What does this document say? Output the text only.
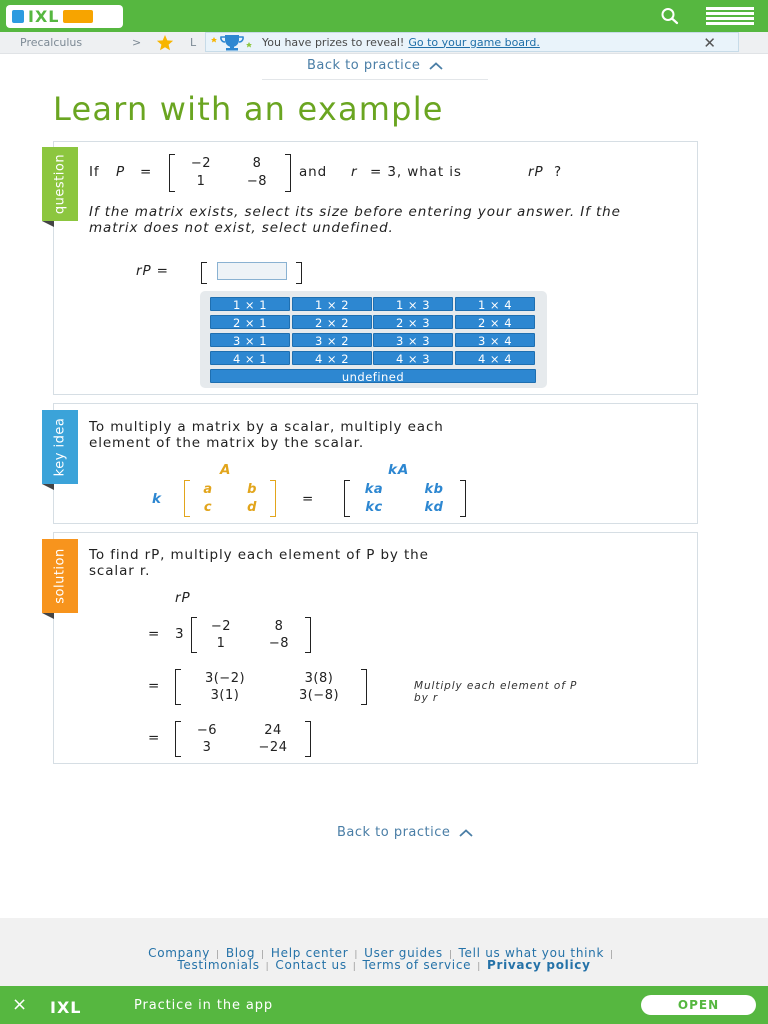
IXL
Precalculus	>	L	You have prizes to reveal! Go to your game board.	✕
Back to practice
Learn with an example
question If P =
−2	8
1	−8
and r = 3, what is	rP ?
If the matrix exists, select its size before entering your answer. If the matrix does not exist, select undefined.
rP =
1 × 1	1 × 2	1 × 3	1 × 4
2 × 1	2 × 2	2 × 3	2 × 4
3 × 1	3 × 2	3 × 3	3 × 4
4 × 1	4 × 2	4 × 3	4 × 4
undefined
key idea To multiply a matrix by a scalar, multiply each
element of the matrix by the scalar.
A	kA
k
a	b
c	d
=
ka	kb
kc	kd
solution To find rP, multiply each element of P by the
scalar r.
rP
= 3	−2	8
1	−8
=	3(−2)	3(8)
3(1)	3(−8)
=	−6	24
3	−24
Multiply each element of P
by r
Back to practice
Company | Blog | Help center | User guides | Tell us what you think |
Testimonials | Contact us | Terms of service | Privacy policy
× IXL	Practice in the app	OPEN
